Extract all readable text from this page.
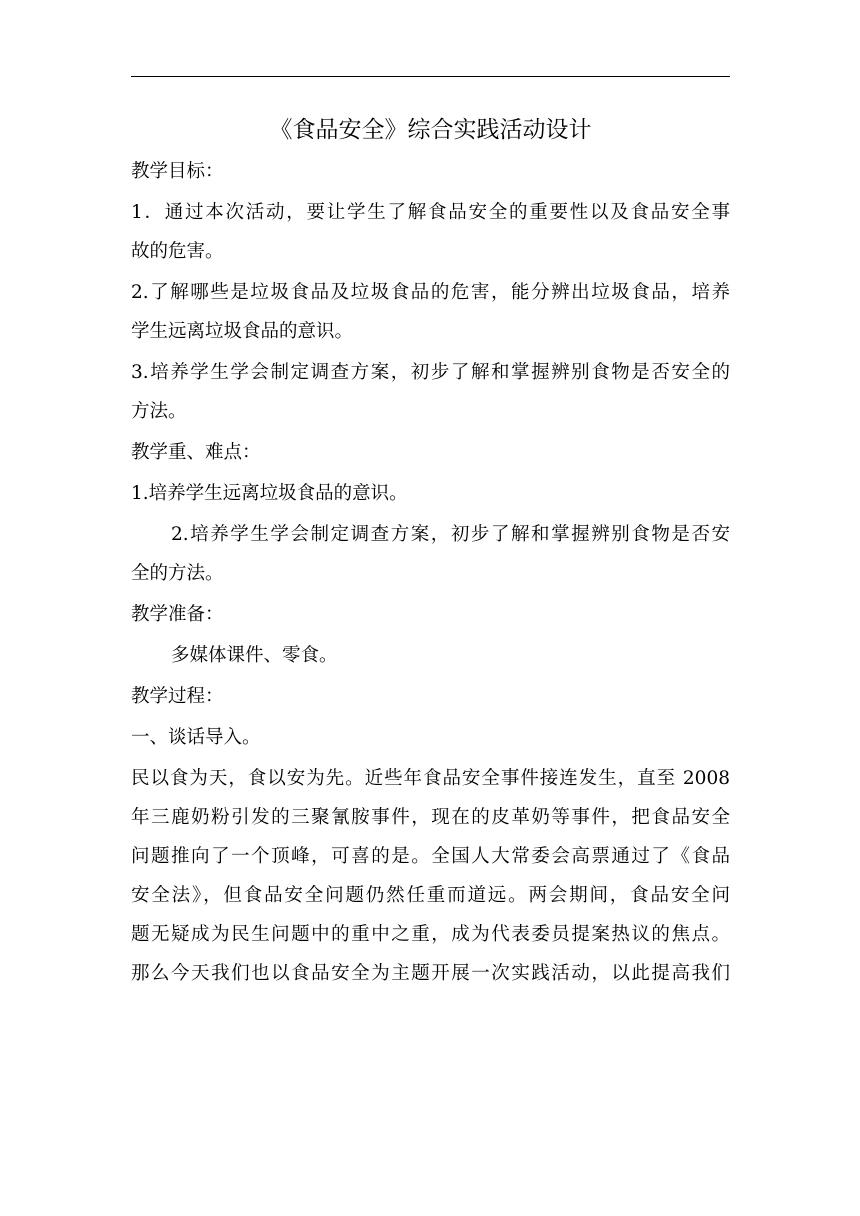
《食品安全》综合实践活动设计
教学目标：
1．通过本次活动，要让学生了解食品安全的重要性以及食品安全事
故的危害。
2.了解哪些是垃圾食品及垃圾食品的危害，能分辨出垃圾食品，培养
学生远离垃圾食品的意识。
3.培养学生学会制定调查方案，初步了解和掌握辨别食物是否安全的
方法。
教学重、难点：
1.培养学生远离垃圾食品的意识。
2.培养学生学会制定调查方案，初步了解和掌握辨别食物是否安
全的方法。
教学准备：
多媒体课件、零食。
教学过程：
一、谈话导入。
民以食为天，食以安为先。近些年食品安全事件接连发生，直至 2008
年三鹿奶粉引发的三聚氰胺事件，现在的皮革奶等事件，把食品安全
问题推向了一个顶峰，可喜的是。全国人大常委会高票通过了《食品
安全法》，但食品安全问题仍然任重而道远。两会期间，食品安全问
题无疑成为民生问题中的重中之重，成为代表委员提案热议的焦点。
那么今天我们也以食品安全为主题开展一次实践活动，以此提高我们
